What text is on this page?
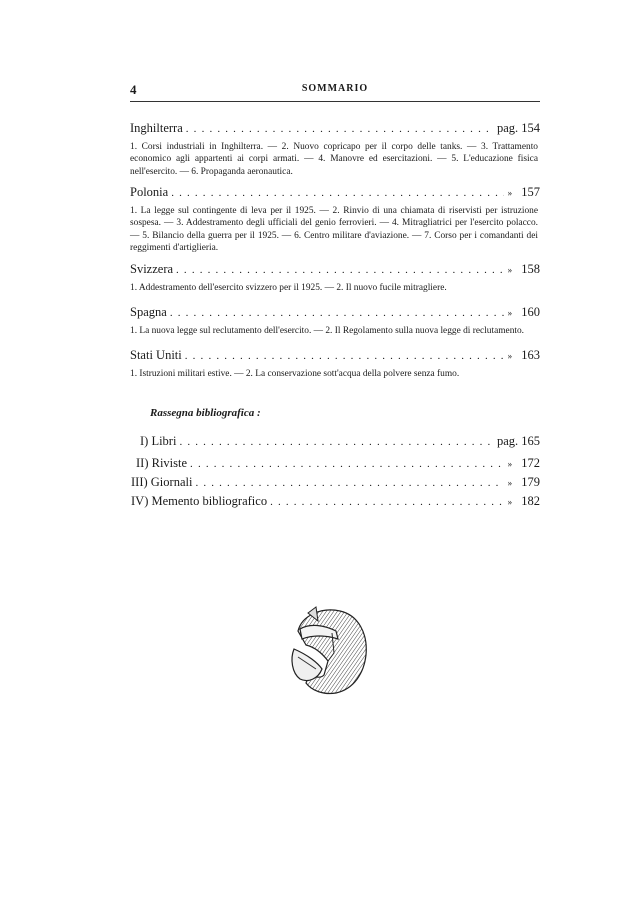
4	SOMMARIO
Inghilterra . . .	pag. 154
1. Corsi industriali in Inghilterra. — 2. Nuovo copricapo per il corpo delle tanks. — 3. Trattamento economico agli appartenti ai corpi armati. — 4. Manovre ed esercitazioni. — 5. L'educazione fisica nell'esercito. — 6. Propaganda aeronautica.
Polonia . . .	» 157
1. La legge sul contingente di leva per il 1925. — 2. Rinvio di una chiamata di riservisti per istruzione sospesa. — 3. Addestramento degli ufficiali del genio ferrovieri. — 4. Mitragliatrici per l'esercito polacco. — 5. Bilancio della guerra per il 1925. — 6. Centro militare d'aviazione. — 7. Corso per i comandanti dei reggimenti d'artiglieria.
Svizzera . . .	» 158
1. Addestramento dell'esercito svizzero per il 1925. — 2. Il nuovo fucile mitragliere.
Spagna . . .	» 160
1. La nuova legge sul reclutamento dell'esercito. — 2. Il Regolamento sulla nuova legge di reclutamento.
Stati Uniti . . .	» 163
1. Istruzioni militari estive. — 2. La conservazione sott'acqua della polvere senza fumo.
Rassegna bibliografica :
I) Libri . . .	pag. 165
II) Riviste . . .	» 172
III) Giornali . . .	» 179
IV) Memento bibliografico . . .	» 182
